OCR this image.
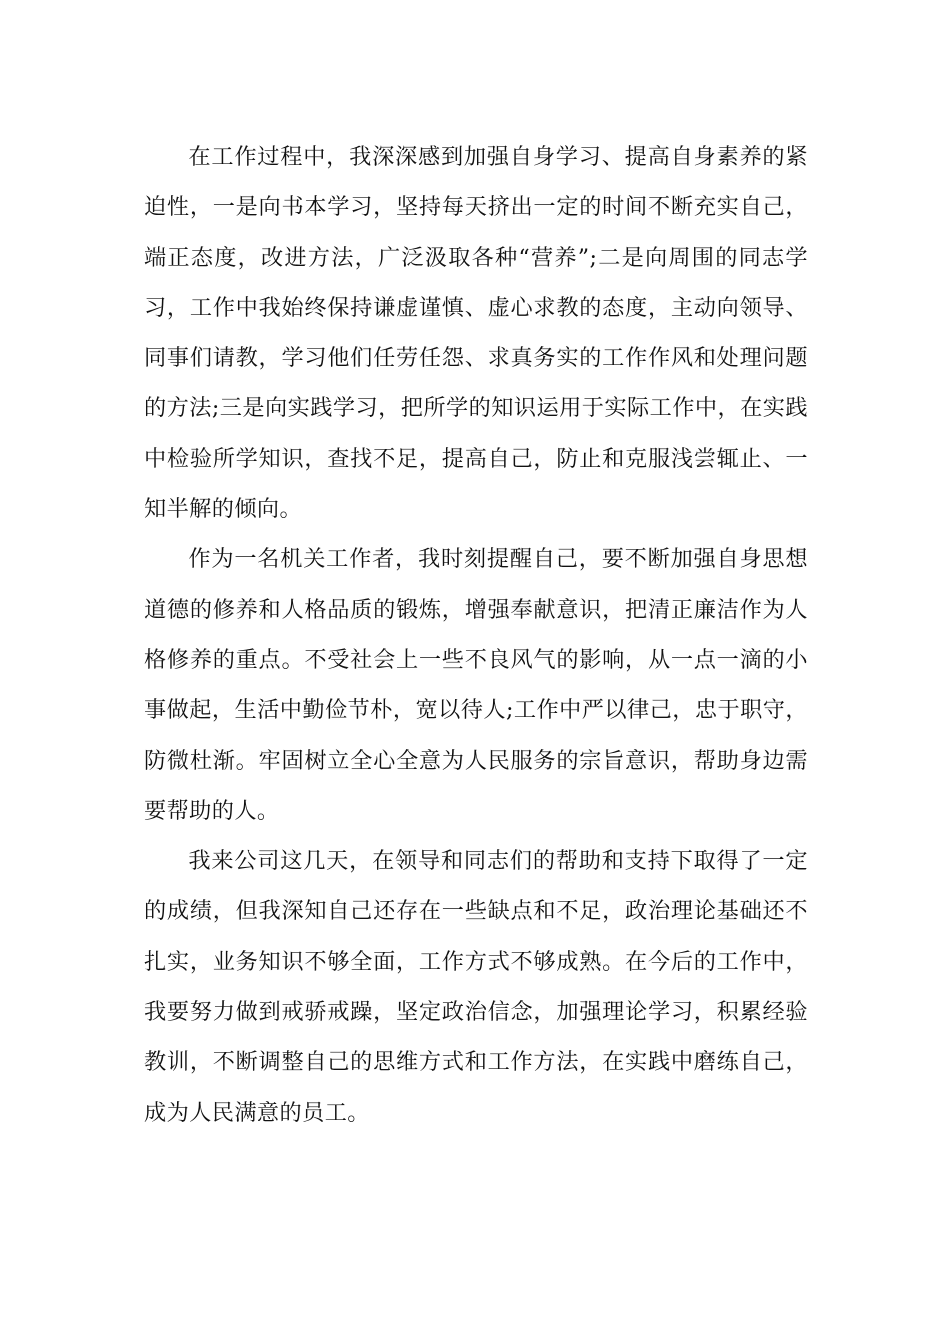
在工作过程中，我深深感到加强自身学习、提高自身素养的紧迫性，一是向书本学习，坚持每天挤出一定的时间不断充实自己，端正态度，改进方法，广泛汲取各种“营养”;二是向周围的同志学习，工作中我始终保持谦虚谨慎、虚心求教的态度，主动向领导、同事们请教，学习他们任劳任怨、求真务实的工作作风和处理问题的方法;三是向实践学习，把所学的知识运用于实际工作中，在实践中检验所学知识，查找不足，提高自己，防止和克服浅尝辄止、一知半解的倾向。

作为一名机关工作者，我时刻提醒自己，要不断加强自身思想道德的修养和人格品质的锻炼，增强奉献意识，把清正廉洁作为人格修养的重点。不受社会上一些不良风气的影响，从一点一滴的小事做起，生活中勤俭节朴，宽以待人;工作中严以律己，忠于职守，防微杜渐。牢固树立全心全意为人民服务的宗旨意识，帮助身边需要帮助的人。

我来公司这几天，在领导和同志们的帮助和支持下取得了一定的成绩，但我深知自己还存在一些缺点和不足，政治理论基础还不扎实，业务知识不够全面，工作方式不够成熟。在今后的工作中，我要努力做到戒骄戒躁，坚定政治信念，加强理论学习，积累经验教训，不断调整自己的思维方式和工作方法，在实践中磨练自己，成为人民满意的员工。
